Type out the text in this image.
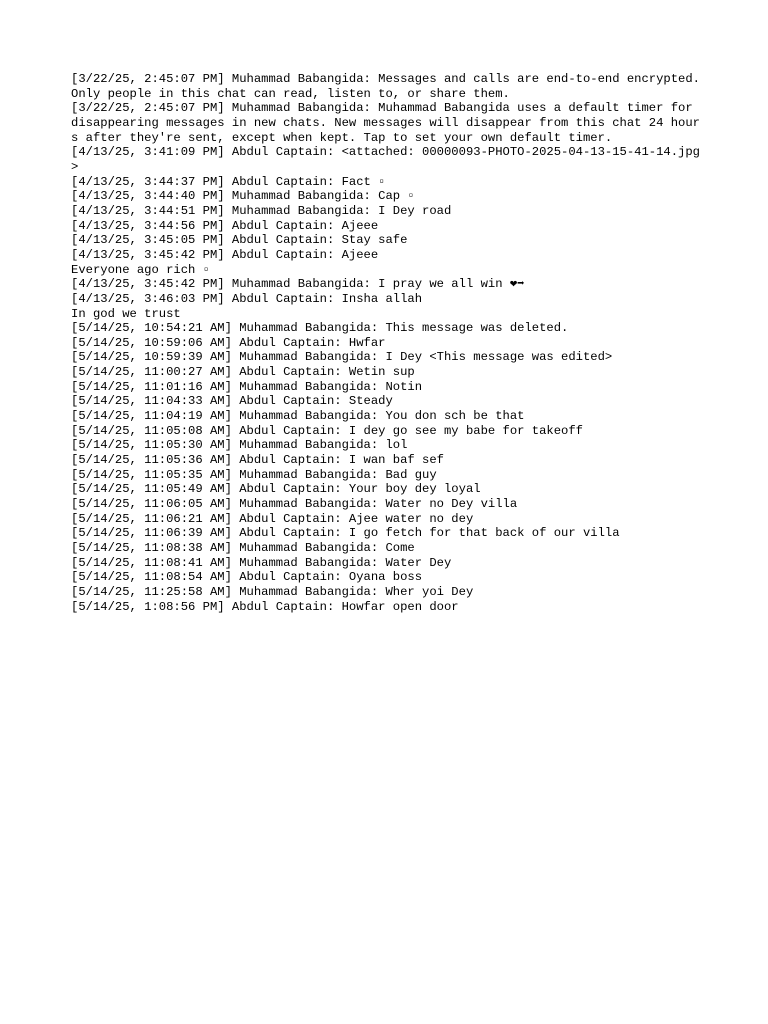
[3/22/25, 2:45:07 PM] Muhammad Babangida: Messages and calls are end-to-end encrypted. Only people in this chat can read, listen to, or share them.
[3/22/25, 2:45:07 PM] Muhammad Babangida: Muhammad Babangida uses a default timer for disappearing messages in new chats. New messages will disappear from this chat 24 hours after they're sent, except when kept. Tap to set your own default timer.
[4/13/25, 3:41:09 PM] Abdul Captain: <attached: 00000093-PHOTO-2025-04-13-15-41-14.jpg>
[4/13/25, 3:44:37 PM] Abdul Captain: Fact ▫
[4/13/25, 3:44:40 PM] Muhammad Babangida: Cap ▫
[4/13/25, 3:44:51 PM] Muhammad Babangida: I Dey road
[4/13/25, 3:44:56 PM] Abdul Captain: Ajeee
[4/13/25, 3:45:05 PM] Abdul Captain: Stay safe
[4/13/25, 3:45:42 PM] Abdul Captain: Ajeee
Everyone ago rich ▫
[4/13/25, 3:45:42 PM] Muhammad Babangida: I pray we all win ❤➡
[4/13/25, 3:46:03 PM] Abdul Captain: Insha allah
In god we trust
[5/14/25, 10:54:21 AM] Muhammad Babangida: This message was deleted.
[5/14/25, 10:59:06 AM] Abdul Captain: Hwfar
[5/14/25, 10:59:39 AM] Muhammad Babangida: I Dey <This message was edited>
[5/14/25, 11:00:27 AM] Abdul Captain: Wetin sup
[5/14/25, 11:01:16 AM] Muhammad Babangida: Notin
[5/14/25, 11:04:33 AM] Abdul Captain: Steady
[5/14/25, 11:04:19 AM] Muhammad Babangida: You don sch be that
[5/14/25, 11:05:08 AM] Abdul Captain: I dey go see my babe for takeoff
[5/14/25, 11:05:30 AM] Muhammad Babangida: lol
[5/14/25, 11:05:36 AM] Abdul Captain: I wan baf sef
[5/14/25, 11:05:35 AM] Muhammad Babangida: Bad guy
[5/14/25, 11:05:49 AM] Abdul Captain: Your boy dey loyal
[5/14/25, 11:06:05 AM] Muhammad Babangida: Water no Dey villa
[5/14/25, 11:06:21 AM] Abdul Captain: Ajee water no dey
[5/14/25, 11:06:39 AM] Abdul Captain: I go fetch for that back of our villa
[5/14/25, 11:08:38 AM] Muhammad Babangida: Come
[5/14/25, 11:08:41 AM] Muhammad Babangida: Water Dey
[5/14/25, 11:08:54 AM] Abdul Captain: Oyana boss
[5/14/25, 11:25:58 AM] Muhammad Babangida: Wher yoi Dey
[5/14/25, 1:08:56 PM] Abdul Captain: Howfar open door
